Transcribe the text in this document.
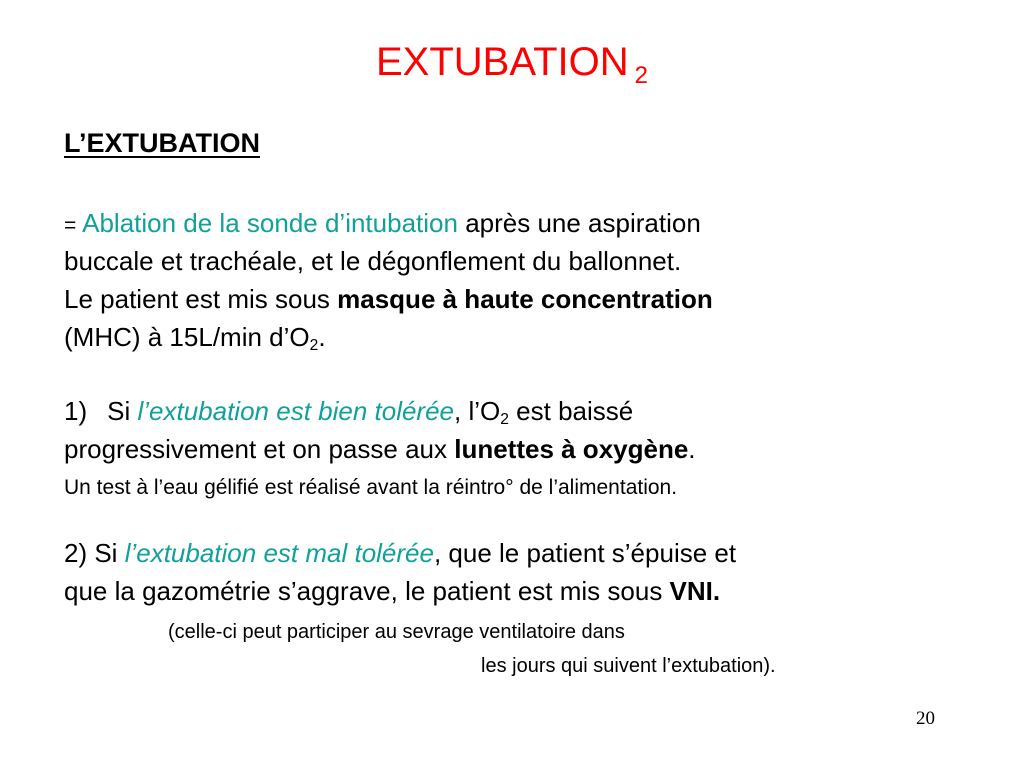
EXTUBATION $_2$
L’EXTUBATION
= Ablation de la sonde d’intubation après une aspiration
buccale et trachéale, et le dégonflement du ballonnet.
Le patient est mis sous masque à haute concentration
(MHC) à 15L/min $d’O_2$.
1) Si l’extubation est bien tolérée, $l’O_2$ est baissé
progressivement et on passe aux lunettes à oxygène.
Un test à l’eau gélifié est réalisé avant la réintro° de l’alimentation.
2) Si l’extubation est mal tolérée, que le patient s’épuise et
que la gazométrie s’aggrave, le patient est mis sous VNI.
(celle-ci peut participer au sevrage ventilatoire dans
les jours qui suivent l’extubation).
20
